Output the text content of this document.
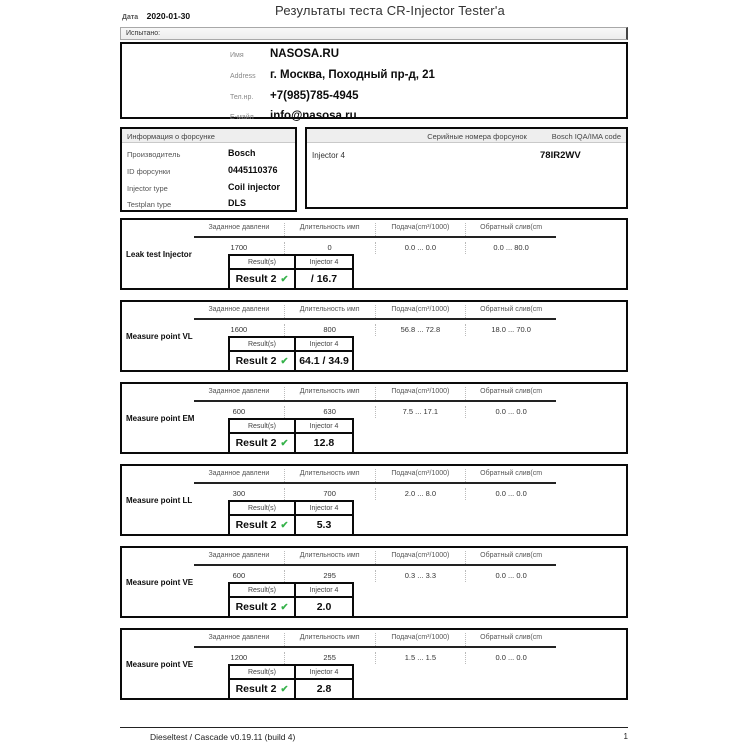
Дата 2020-01-30	Результаты теста CR-Injector Tester'a
Испытано:
Имя NASOSA.RU
Address г. Москва, Походный пр-д, 21
Тел.нр. +7(985)785-4945
E-майл info@nasosa.ru
Информация о форсунке
Производитель	Bosch
ID форсунки	0445110376
Injector type	Coil injector
Testplan type	DLS
Серийные номера форсунок	Bosch IQA/IMA code
Injector 4	78IR2WV
Leak test Injector
Заданное давлени	Длительность имп	Подача(cm³/1000)	Обратный слив(cm
1700	0	0.0 ... 0.0	0.0 ... 80.0
Result(s)	Injector 4
Result 2 ✔	/ 16.7
Measure point VL
Заданное давлени	Длительность имп	Подача(cm³/1000)	Обратный слив(cm
1600	800	56.8 ... 72.8	18.0 ... 70.0
Result(s)	Injector 4
Result 2 ✔	64.1 / 34.9
Measure point EM
Заданное давлени	Длительность имп	Подача(cm³/1000)	Обратный слив(cm
600	630	7.5 ... 17.1	0.0 ... 0.0
Result(s)	Injector 4
Result 2 ✔	12.8
Measure point LL
Заданное давлени	Длительность имп	Подача(cm³/1000)	Обратный слив(cm
300	700	2.0 ... 8.0	0.0 ... 0.0
Result(s)	Injector 4
Result 2 ✔	5.3
Measure point VE
Заданное давлени	Длительность имп	Подача(cm³/1000)	Обратный слив(cm
600	295	0.3 ... 3.3	0.0 ... 0.0
Result(s)	Injector 4
Result 2 ✔	2.0
Measure point VE
Заданное давлени	Длительность имп	Подача(cm³/1000)	Обратный слив(cm
1200	255	1.5 ... 1.5	0.0 ... 0.0
Result(s)	Injector 4
Result 2 ✔	2.8
Dieseltest / Cascade v0.19.11 (build 4)	1
